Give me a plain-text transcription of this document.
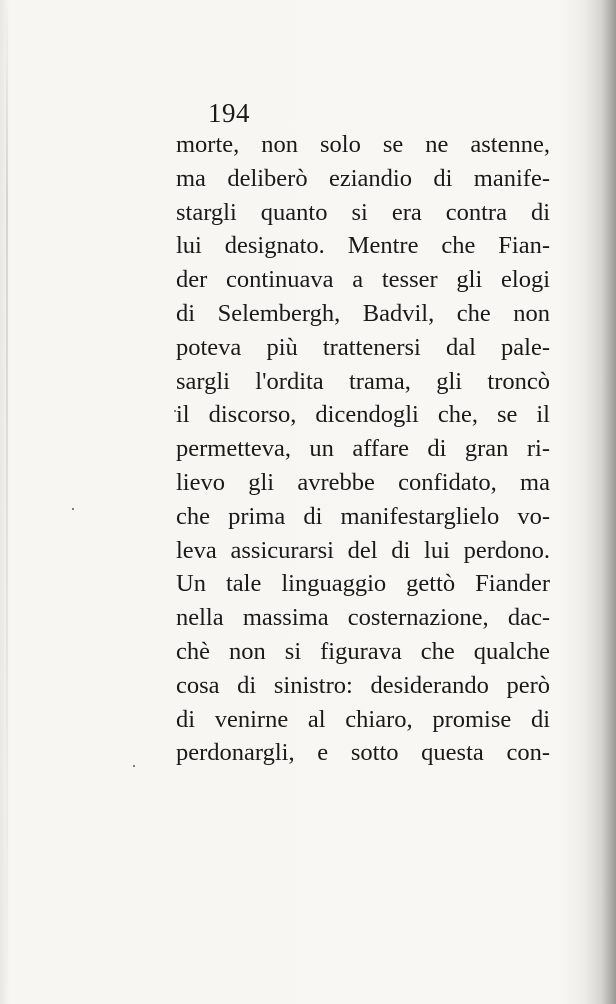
194
morte, non solo se ne astenne,
ma deliberò eziandio di manife-
stargli quanto si era contra di
lui designato. Mentre che Fian-
der continuava a tesser gli elogi
di Selembergh, Badvil, che non
poteva più trattenersi dal pale-
sargli l'ordita trama, gli troncò
il discorso, dicendogli che, se il
permetteva, un affare di gran ri-
lievo gli avrebbe confidato, ma
che prima di manifestarglielo vo-
leva assicurarsi del di lui perdono.
Un tale linguaggio gettò Fiander
nella massima costernazione, dac-
chè non si figurava che qualche
cosa di sinistro: desiderando però
di venirne al chiaro, promise di
perdonargli, e sotto questa con-
